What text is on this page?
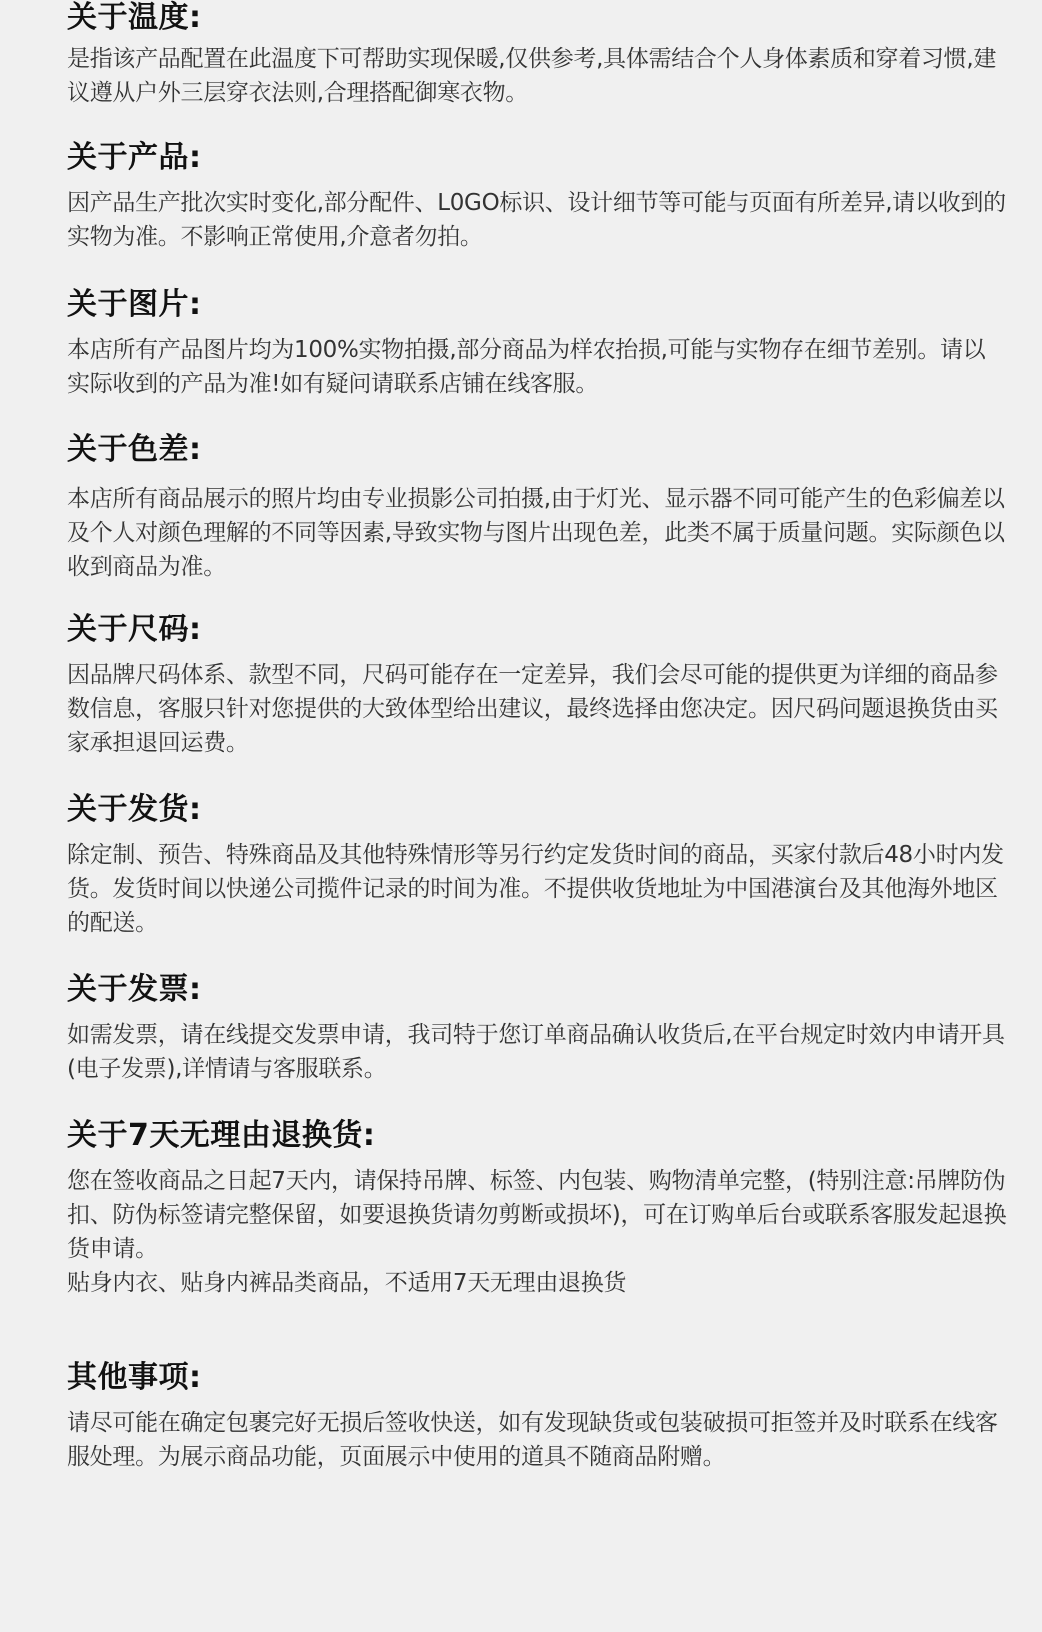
关于温度:

是指该产品配置在此温度下可帮助实现保暖,仅供参考,具体需结合个人身体素质和穿着习惯,建议遵从户外三层穿衣法则,合理搭配御寒衣物。

关于产品:

因产品生产批次实时变化,部分配件、L0GO标识、设计细节等可能与页面有所差异,请以收到的实物为准。不影响正常使用,介意者勿拍。

关于图片:

本店所有产品图片均为100%实物拍摄,部分商品为样农抬损,可能与实物存在细节差别。请以实际收到的产品为准!如有疑问请联系店铺在线客服。

关于色差:

本店所有商品展示的照片均由专业损影公司拍摄,由于灯光、显示器不同可能产生的色彩偏差以及个人对颜色理解的不同等因素,导致实物与图片出现色差，此类不属于质量问题。实际颜色以收到商品为准。

关于尺码:

因品牌尺码体系、款型不同，尺码可能存在一定差异，我们会尽可能的提供更为详细的商品参数信息，客服只针对您提供的大致体型给出建议，最终选择由您决定。因尺码问题退换货由买家承担退回运费。

关于发货:

除定制、预告、特殊商品及其他特殊情形等另行约定发货时间的商品，买家付款后48小时内发货。发货时间以快递公司揽件记录的时间为准。不提供收货地址为中国港演台及其他海外地区的配送。

关于发票:

如需发票，请在线提交发票申请，我司特于您订单商品确认收货后,在平台规定时效内申请开具(电子发票),详情请与客服联系。

关于7天无理由退换货:

您在签收商品之日起7天内，请保持吊牌、标签、内包装、购物清单完整，(特别注意:吊牌防伪扣、防伪标签请完整保留，如要退换货请勿剪断或损坏)，可在订购单后台或联系客服发起退换货申请。

贴身内衣、贴身内裤品类商品，不适用7天无理由退换货

其他事项:

请尽可能在确定包裹完好无损后签收快送，如有发现缺货或包装破损可拒签并及时联系在线客服处理。为展示商品功能，页面展示中使用的道具不随商品附赠。
